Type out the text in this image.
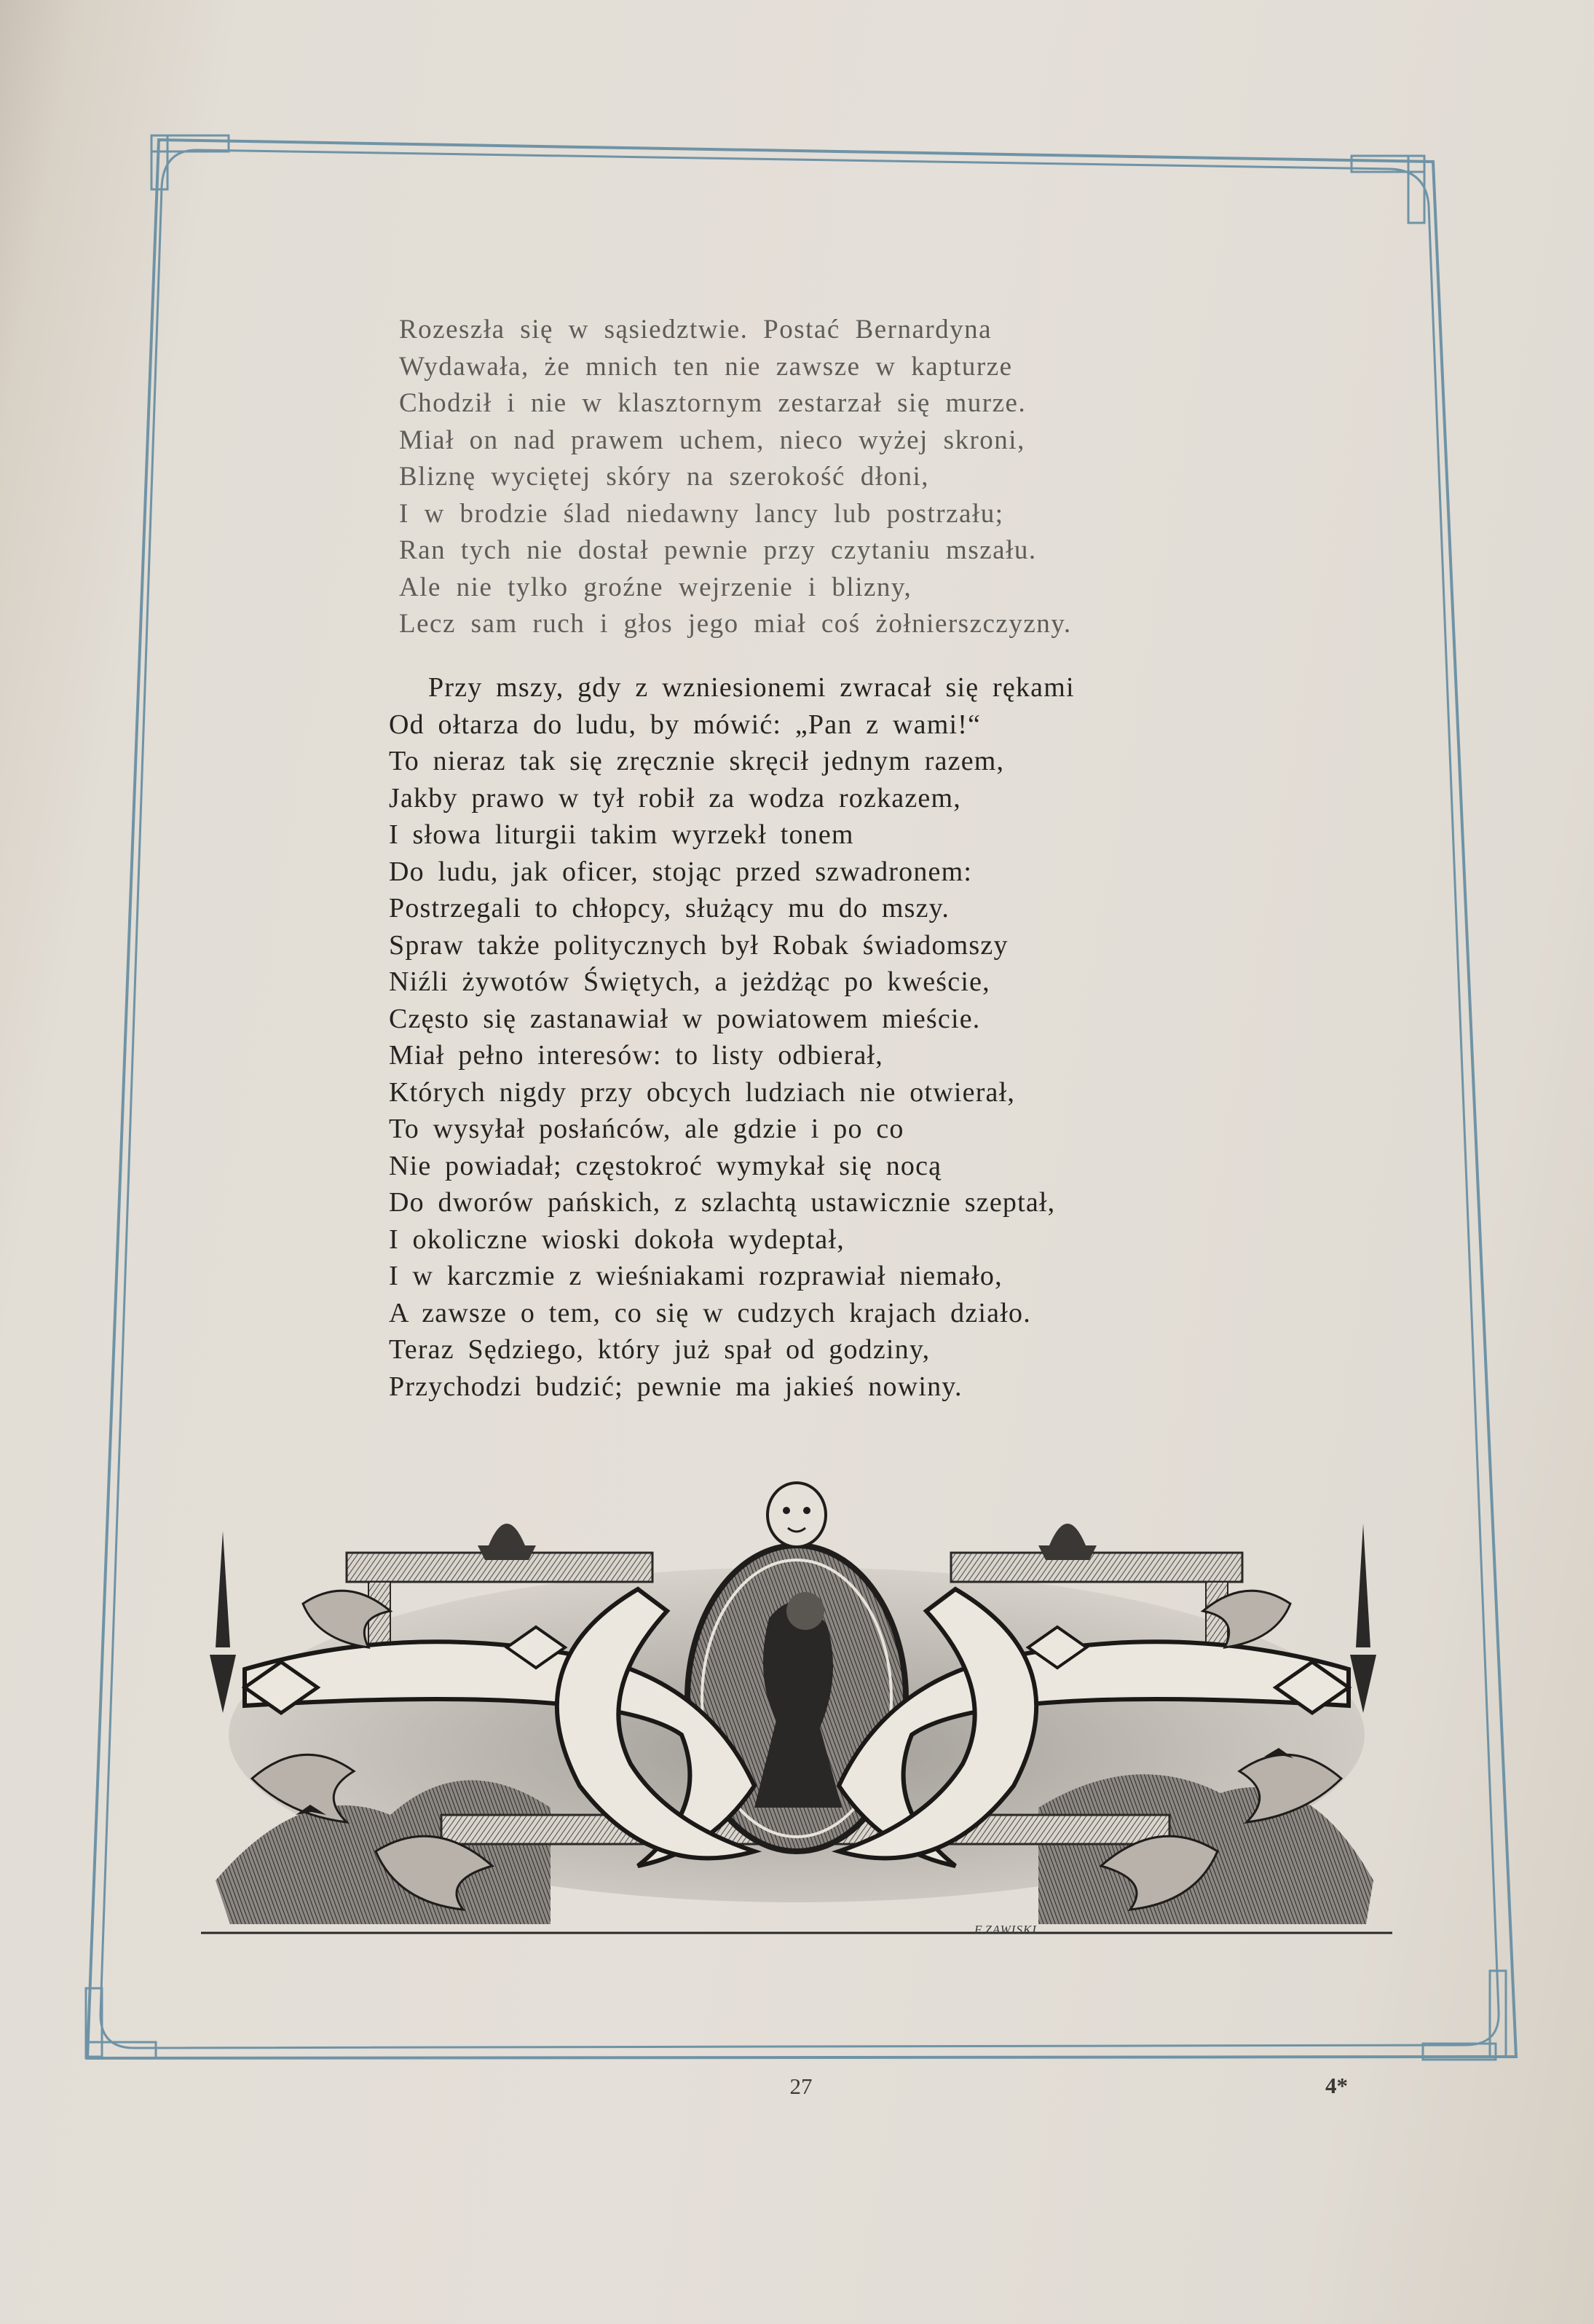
Rozeszła się w sąsiedztwie. Postać Bernardyna
Wydawała, że mnich ten nie zawsze w kapturze
Chodził i nie w klasztornym zestarzał się murze.
Miał on nad prawem uchem, nieco wyżej skroni,
Bliznę wyciętej skóry na szerokość dłoni,
I w brodzie ślad niedawny lancy lub postrzału;
Ran tych nie dostał pewnie przy czytaniu mszału.
Ale nie tylko groźne wejrzenie i blizny,
Lecz sam ruch i głos jego miał coś żołnierszczyzny.
Przy mszy, gdy z wzniesionemi zwracał się rękami
Od ołtarza do ludu, by mówić: „Pan z wami!“
To nieraz tak się zręcznie skręcił jednym razem,
Jakby prawo w tył robił za wodza rozkazem,
I słowa liturgii takim wyrzekł tonem
Do ludu, jak oficer, stojąc przed szwadronem:
Postrzegali to chłopcy, służący mu do mszy.
Spraw także politycznych był Robak świadomszy
Niźli żywotów Świętych, a jeżdżąc po kweście,
Często się zastanawiał w powiatowem mieście.
Miał pełno interesów: to listy odbierał,
Których nigdy przy obcych ludziach nie otwierał,
To wysyłał posłańców, ale gdzie i po co
Nie powiadał; częstokroć wymykał się nocą
Do dworów pańskich, z szlachtą ustawicznie szeptał,
I okoliczne wioski dokoła wydeptał,
I w karczmie z wieśniakami rozprawiał niemało,
A zawsze o tem, co się w cudzych krajach działo.
Teraz Sędziego, który już spał od godziny,
Przychodzi budzić; pewnie ma jakieś nowiny.
F.ZAWISKI
27	4*
